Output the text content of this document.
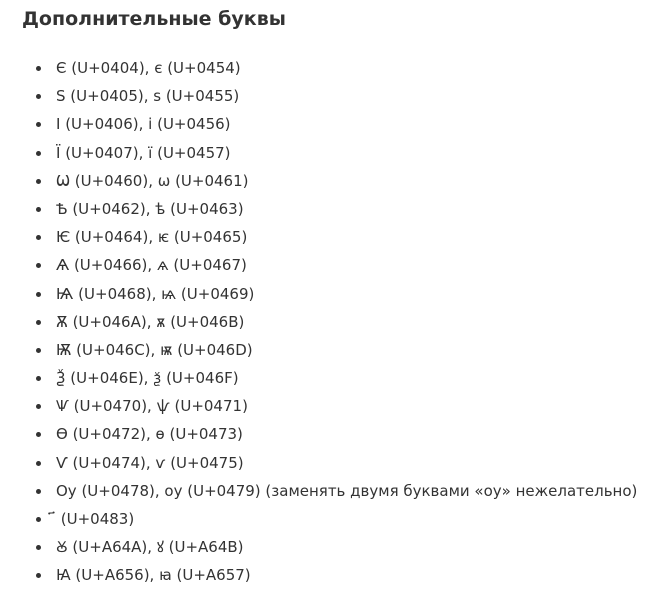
Дополнительные буквы
Є (U+0404), є (U+0454)
Ѕ (U+0405), ѕ (U+0455)
І (U+0406), і (U+0456)
Ї (U+0407), ї (U+0457)
Ѡ (U+0460), ѡ (U+0461)
Ѣ (U+0462), ѣ (U+0463)
Ѥ (U+0464), ѥ (U+0465)
Ѧ (U+0466), ѧ (U+0467)
Ѩ (U+0468), ѩ (U+0469)
Ѫ (U+046A), ѫ (U+046B)
Ѭ (U+046C), ѭ (U+046D)
Ѯ (U+046E), ѯ (U+046F)
Ѱ (U+0470), ѱ (U+0471)
Ѳ (U+0472), ѳ (U+0473)
Ѵ (U+0474), ѵ (U+0475)
Оу (U+0478), оу (U+0479) (заменять двумя буквами «оу» нежелательно)
҃ (U+0483)
Ꙋ (U+A64A), ꙋ (U+A64B)
Ꙗ (U+A656), ꙗ (U+A657)
